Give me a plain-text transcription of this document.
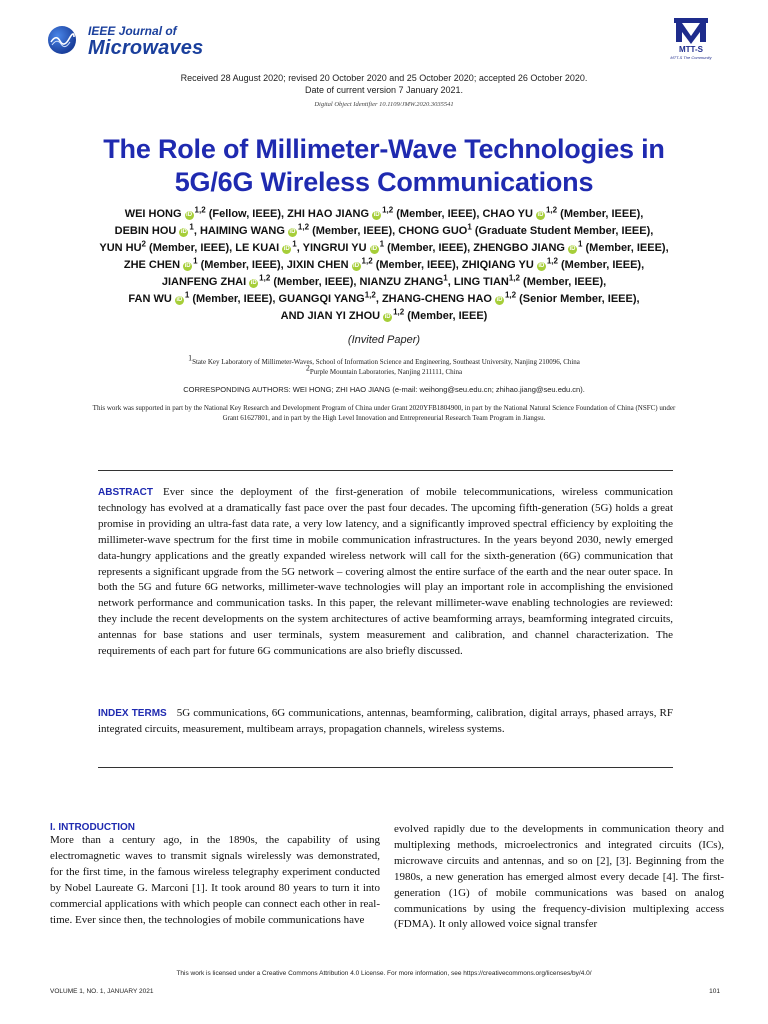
IEEE Journal of
Microwaves	MTT-S
MTT-S The Community
Received 28 August 2020; revised 20 October 2020 and 25 October 2020; accepted 26 October 2020.
Date of current version 7 January 2021.
Digital Object Identifier 10.1109/JMW.2020.3035541
The Role of Millimeter-Wave Technologies in
5G/6G Wireless Communications
WEI HONG iD$^{1,2}$ (Fellow, IEEE), ZHI HAO JIANG iD$^{1,2}$ (Member, IEEE), CHAO YU iD$^{1,2}$ (Member, IEEE),
DEBIN HOU $iD^1$, HAIMING WANG iD$^{1,2}$ (Member, IEEE), CHONG GUO$^1$ (Graduate Student Member, IEEE),
YUN $HU^2$ (Member, IEEE), LE KUAI $iD^1$, YINGRUI YU $iD^1$ (Member, IEEE), ZHENGBO JIANG $iD^1$ (Member, IEEE),
ZHE CHEN $iD^1$ (Member, IEEE), JIXIN CHEN iD$^{1,2}$ (Member, IEEE), ZHIQIANG YU iD$^{1,2}$ (Member, IEEE),
JIANFENG ZHAI iD$^{1,2}$ (Member, IEEE), NIANZU ZHANG$^1$, LING TIAN$^{1,2}$ (Member, IEEE),
FAN WU $iD^1$ (Member, IEEE), GUANGQI YANG$^{1,2}$, ZHANG-CHENG HAO iD$^{1,2}$ (Senior Member, IEEE),
AND JIAN YI ZHOU iD$^{1,2}$ (Member, IEEE)
(Invited Paper)
$^1$State Key Laboratory of Millimeter-Waves, School of Information Science and Engineering, Southeast University, Nanjing 210096, China
$^2$Purple Mountain Laboratories, Nanjing 211111, China
CORRESPONDING AUTHORS: WEI HONG; ZHI HAO JIANG (e-mail: weihong@seu.edu.cn; zhihao.jiang@seu.edu.cn).
This work was supported in part by the National Key Research and Development Program of China under Grant 2020YFB1804900, in part by the National Natural Science Foundation of China (NSFC) under Grant 61627801, and in part by the High Level Innovation and Entrepreneurial Research Team Program in Jiangsu.
ABSTRACT Ever since the deployment of the first-generation of mobile telecommunications, wireless communication technology has evolved at a dramatically fast pace over the past four decades. The upcoming fifth-generation (5G) holds a great promise in providing an ultra-fast data rate, a very low latency, and a significantly improved spectral efficiency by exploiting the millimeter-wave spectrum for the first time in mobile communication infrastructures. In the years beyond 2030, newly emerged data-hungry applications and the greatly expanded wireless network will call for the sixth-generation (6G) communication that represents a significant upgrade from the 5G network – covering almost the entire surface of the earth and the near outer space. In both the 5G and future 6G networks, millimeter-wave technologies will play an important role in accomplishing the envisioned network performance and communication tasks. In this paper, the relevant millimeter-wave enabling technologies are reviewed: they include the recent developments on the system architectures of active beamforming arrays, beamforming integrated circuits, antennas for base stations and user terminals, system measurement and calibration, and channel characterization. The requirements of each part for future 6G communications are also briefly discussed.
INDEX TERMS 5G communications, 6G communications, antennas, beamforming, calibration, digital arrays, phased arrays, RF integrated circuits, measurement, multibeam arrays, propagation channels, wireless systems.
I. INTRODUCTION
More than a century ago, in the 1890s, the capability of using electromagnetic waves to transmit signals wirelessly was demonstrated, for the first time, in the famous wireless telegraphy experiment conducted by Nobel Laureate G. Marconi [1]. It took around 80 years to turn it into commercial applications with which people can connect each other in real-time. Ever since then, the technologies of mobile communications have
evolved rapidly due to the developments in communication theory and multiplexing methods, microelectronics and integrated circuits (ICs), microwave circuits and antennas, and so on [2], [3]. Beginning from the 1980s, a new generation has emerged almost every decade [4]. The first-generation (1G) of mobile communications was based on analog communications by using the frequency-division multiplexing access (FDMA). It only allowed voice signal transfer
This work is licensed under a Creative Commons Attribution 4.0 License. For more information, see https://creativecommons.org/licenses/by/4.0/
VOLUME 1, NO. 1, JANUARY 2021	101
